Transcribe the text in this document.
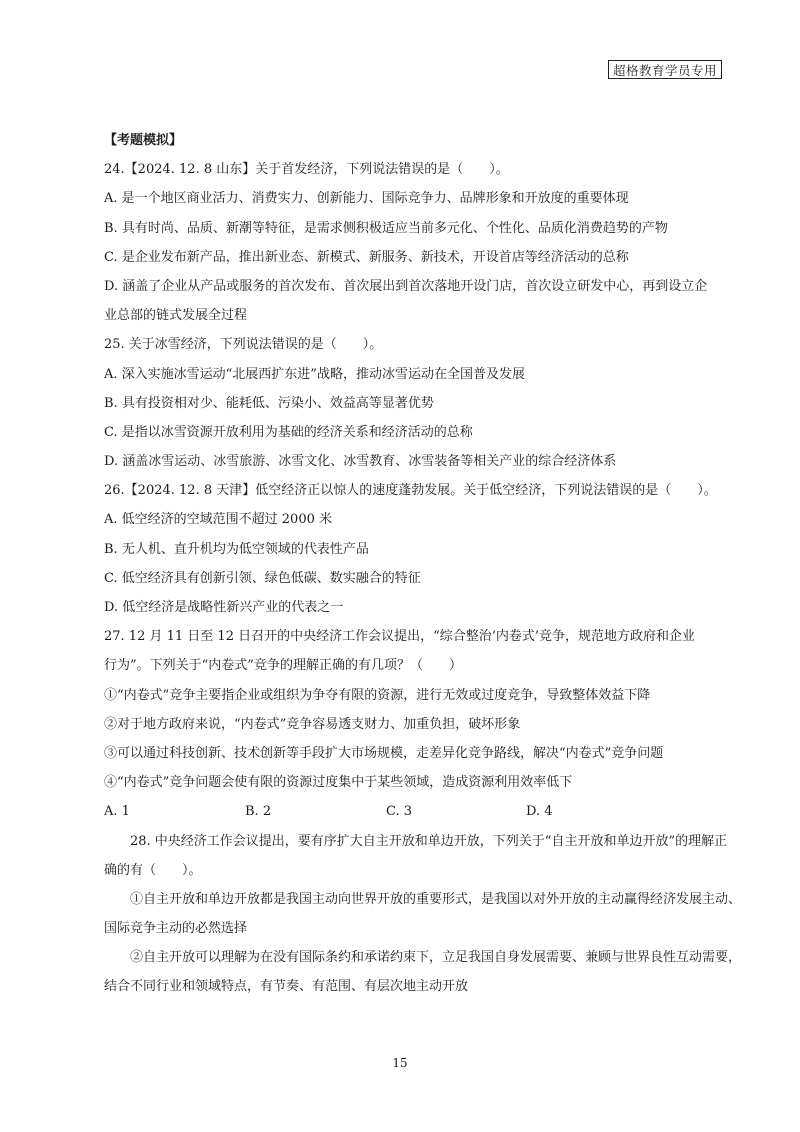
超格教育学员专用
【考题模拟】
24.【2024. 12. 8 山东】关于首发经济，下列说法错误的是（　　）。
A. 是一个地区商业活力、消费实力、创新能力、国际竞争力、品牌形象和开放度的重要体现
B. 具有时尚、品质、新潮等特征，是需求侧积极适应当前多元化、个性化、品质化消费趋势的产物
C. 是企业发布新产品，推出新业态、新模式、新服务、新技术，开设首店等经济活动的总称
D. 涵盖了企业从产品或服务的首次发布、首次展出到首次落地开设门店，首次设立研发中心，再到设立企
业总部的链式发展全过程
25. 关于冰雪经济，下列说法错误的是（　　）。
A. 深入实施冰雪运动“北展西扩东进”战略，推动冰雪运动在全国普及发展
B. 具有投资相对少、能耗低、污染小、效益高等显著优势
C. 是指以冰雪资源开放利用为基础的经济关系和经济活动的总称
D. 涵盖冰雪运动、冰雪旅游、冰雪文化、冰雪教育、冰雪装备等相关产业的综合经济体系
26.【2024. 12. 8 天津】低空经济正以惊人的速度蓬勃发展。关于低空经济，下列说法错误的是（　　）。
A. 低空经济的空域范围不超过 2000 米
B. 无人机、直升机均为低空领域的代表性产品
C. 低空经济具有创新引领、绿色低碳、数实融合的特征
D. 低空经济是战略性新兴产业的代表之一
27. 12 月 11 日至 12 日召开的中央经济工作会议提出，“综合整治‘内卷式’竞争，规范地方政府和企业
行为”。下列关于“内卷式”竞争的理解正确的有几项？（　　）
①“内卷式”竞争主要指企业或组织为争夺有限的资源，进行无效或过度竞争，导致整体效益下降
②对于地方政府来说，“内卷式”竞争容易透支财力、加重负担，破坏形象
③可以通过科技创新、技术创新等手段扩大市场规模，走差异化竞争路线，解决“内卷式”竞争问题
④“内卷式”竞争问题会使有限的资源过度集中于某些领域，造成资源利用效率低下
A. 1	B. 2	C. 3	D. 4
28. 中央经济工作会议提出，要有序扩大自主开放和单边开放，下列关于“自主开放和单边开放”的理解正
确的有（　　）。
①自主开放和单边开放都是我国主动向世界开放的重要形式，是我国以对外开放的主动赢得经济发展主动、
国际竞争主动的必然选择
②自主开放可以理解为在没有国际条约和承诺约束下，立足我国自身发展需要、兼顾与世界良性互动需要，
结合不同行业和领域特点，有节奏、有范围、有层次地主动开放
15
